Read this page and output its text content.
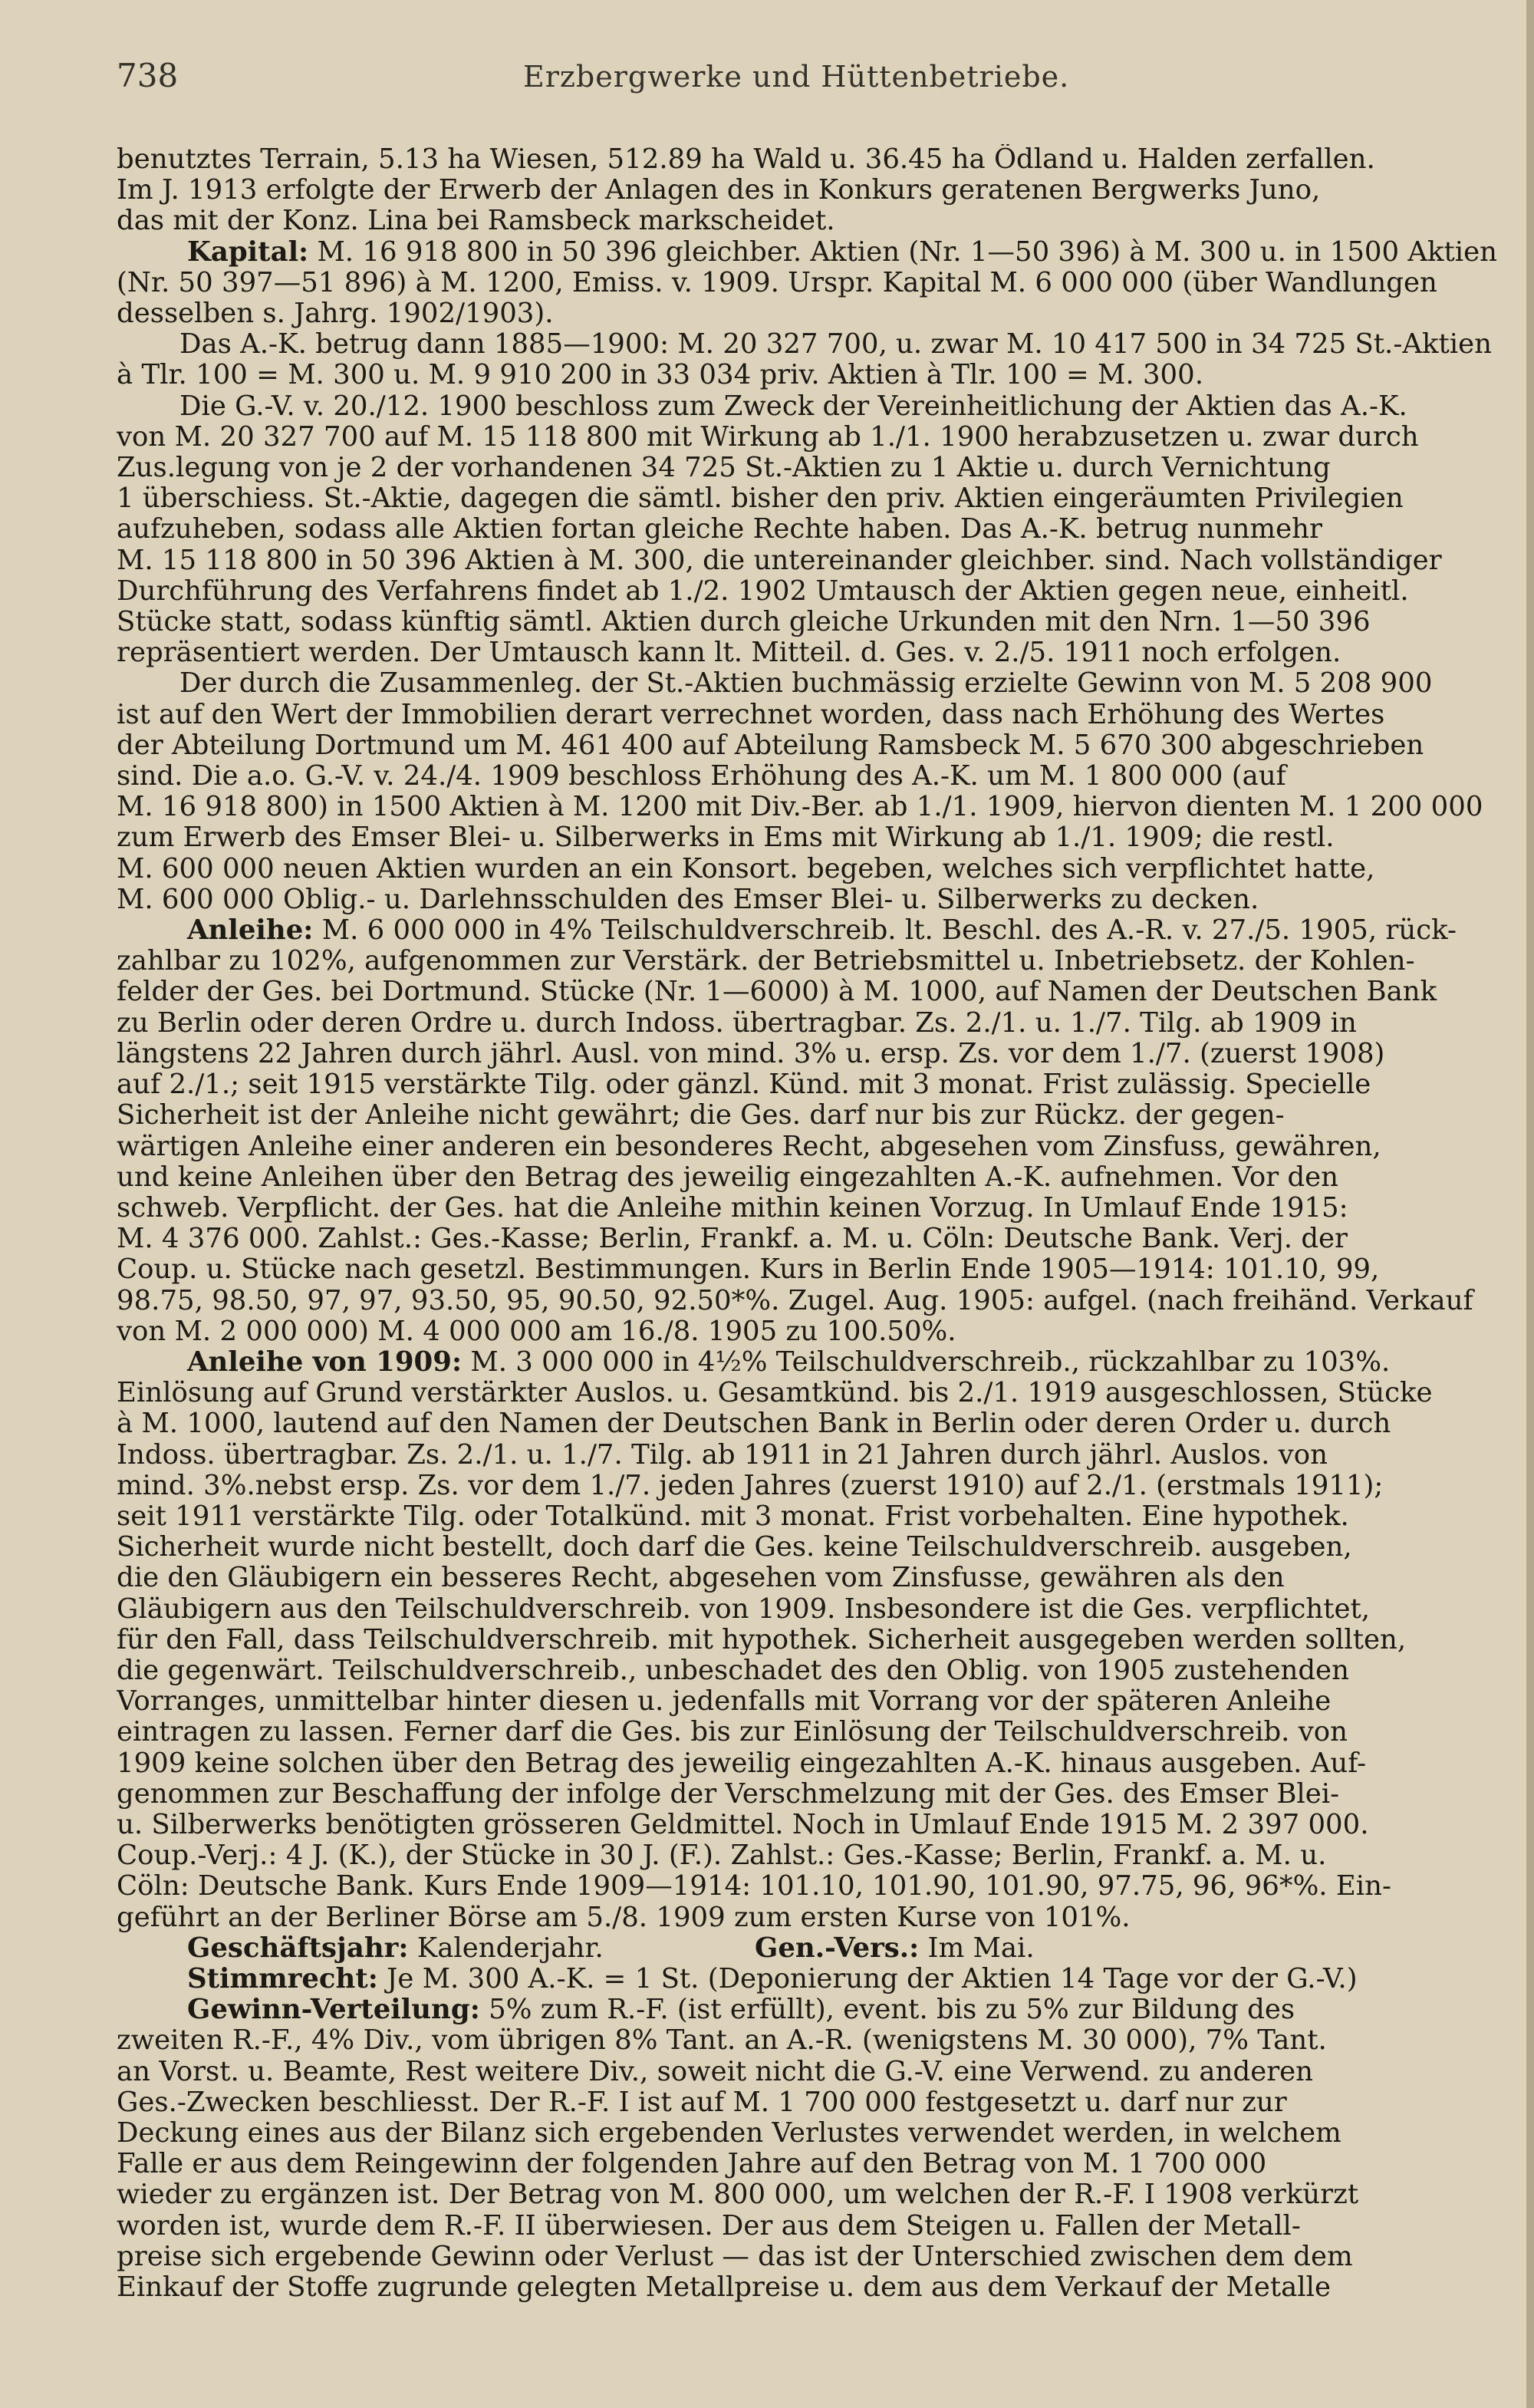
738	Erzbergwerke und Hüttenbetriebe.

benutztes Terrain, 5.13 ha Wiesen, 512.89 ha Wald u. 36.45 ha Ödland u. Halden zerfallen.
Im J. 1913 erfolgte der Erwerb der Anlagen des in Konkurs geratenen Bergwerks Juno,
das mit der Konz. Lina bei Ramsbeck markscheidet.

Kapital: M. 16 918 800 in 50 396 gleichber. Aktien (Nr. 1—50 396) à M. 300 u. in 1500 Aktien
(Nr. 50 397—51 896) à M. 1200, Emiss. v. 1909. Urspr. Kapital M. 6 000 000 (über Wandlungen
desselben s. Jahrg. 1902/1903).

Das A.-K. betrug dann 1885—1900: M. 20 327 700, u. zwar M. 10 417 500 in 34 725 St.-Aktien
à Tlr. 100 = M. 300 u. M. 9 910 200 in 33 034 priv. Aktien à Tlr. 100 = M. 300.

Die G.-V. v. 20./12. 1900 beschloss zum Zweck der Vereinheitlichung der Aktien das A.-K.
von M. 20 327 700 auf M. 15 118 800 mit Wirkung ab 1./1. 1900 herabzusetzen u. zwar durch
Zus.legung von je 2 der vorhandenen 34 725 St.-Aktien zu 1 Aktie u. durch Vernichtung
1 überschiess. St.-Aktie, dagegen die sämtl. bisher den priv. Aktien eingeräumten Privilegien
aufzuheben, sodass alle Aktien fortan gleiche Rechte haben. Das A.-K. betrug nunmehr
M. 15 118 800 in 50 396 Aktien à M. 300, die untereinander gleichber. sind. Nach vollständiger
Durchführung des Verfahrens findet ab 1./2. 1902 Umtausch der Aktien gegen neue, einheitl.
Stücke statt, sodass künftig sämtl. Aktien durch gleiche Urkunden mit den Nrn. 1—50 396
repräsentiert werden. Der Umtausch kann lt. Mitteil. d. Ges. v. 2./5. 1911 noch erfolgen.

Der durch die Zusammenleg. der St.-Aktien buchmässig erzielte Gewinn von M. 5 208 900
ist auf den Wert der Immobilien derart verrechnet worden, dass nach Erhöhung des Wertes
der Abteilung Dortmund um M. 461 400 auf Abteilung Ramsbeck M. 5 670 300 abgeschrieben
sind. Die a.o. G.-V. v. 24./4. 1909 beschloss Erhöhung des A.-K. um M. 1 800 000 (auf
M. 16 918 800) in 1500 Aktien à M. 1200 mit Div.-Ber. ab 1./1. 1909, hiervon dienten M. 1 200 000
zum Erwerb des Emser Blei- u. Silberwerks in Ems mit Wirkung ab 1./1. 1909; die restl.
M. 600 000 neuen Aktien wurden an ein Konsort. begeben, welches sich verpflichtet hatte,
M. 600 000 Oblig.- u. Darlehnsschulden des Emser Blei- u. Silberwerks zu decken.

Anleihe: M. 6 000 000 in 4% Teilschuldverschreib. lt. Beschl. des A.-R. v. 27./5. 1905, rück-
zahlbar zu 102%, aufgenommen zur Verstärk. der Betriebsmittel u. Inbetriebsetz. der Kohlen-
felder der Ges. bei Dortmund. Stücke (Nr. 1—6000) à M. 1000, auf Namen der Deutschen Bank
zu Berlin oder deren Ordre u. durch Indoss. übertragbar. Zs. 2./1. u. 1./7. Tilg. ab 1909 in
längstens 22 Jahren durch jährl. Ausl. von mind. 3% u. ersp. Zs. vor dem 1./7. (zuerst 1908)
auf 2./1.; seit 1915 verstärkte Tilg. oder gänzl. Künd. mit 3 monat. Frist zulässig. Specielle
Sicherheit ist der Anleihe nicht gewährt; die Ges. darf nur bis zur Rückz. der gegen-
wärtigen Anleihe einer anderen ein besonderes Recht, abgesehen vom Zinsfuss, gewähren,
und keine Anleihen über den Betrag des jeweilig eingezahlten A.-K. aufnehmen. Vor den
schweb. Verpflicht. der Ges. hat die Anleihe mithin keinen Vorzug. In Umlauf Ende 1915:
M. 4 376 000. Zahlst.: Ges.-Kasse; Berlin, Frankf. a. M. u. Cöln: Deutsche Bank. Verj. der
Coup. u. Stücke nach gesetzl. Bestimmungen. Kurs in Berlin Ende 1905—1914: 101.10, 99,
98.75, 98.50, 97, 97, 93.50, 95, 90.50, 92.50*%. Zugel. Aug. 1905: aufgel. (nach freihänd. Verkauf
von M. 2 000 000) M. 4 000 000 am 16./8. 1905 zu 100.50%.

Anleihe von 1909: M. 3 000 000 in 4½% Teilschuldverschreib., rückzahlbar zu 103%.
Einlösung auf Grund verstärkter Auslos. u. Gesamtkünd. bis 2./1. 1919 ausgeschlossen, Stücke
à M. 1000, lautend auf den Namen der Deutschen Bank in Berlin oder deren Order u. durch
Indoss. übertragbar. Zs. 2./1. u. 1./7. Tilg. ab 1911 in 21 Jahren durch jährl. Auslos. von
mind. 3%.nebst ersp. Zs. vor dem 1./7. jeden Jahres (zuerst 1910) auf 2./1. (erstmals 1911);
seit 1911 verstärkte Tilg. oder Totalkünd. mit 3 monat. Frist vorbehalten. Eine hypothek.
Sicherheit wurde nicht bestellt, doch darf die Ges. keine Teilschuldverschreib. ausgeben,
die den Gläubigern ein besseres Recht, abgesehen vom Zinsfusse, gewähren als den
Gläubigern aus den Teilschuldverschreib. von 1909. Insbesondere ist die Ges. verpflichtet,
für den Fall, dass Teilschuldverschreib. mit hypothek. Sicherheit ausgegeben werden sollten,
die gegenwärt. Teilschuldverschreib., unbeschadet des den Oblig. von 1905 zustehenden
Vorranges, unmittelbar hinter diesen u. jedenfalls mit Vorrang vor der späteren Anleihe
eintragen zu lassen. Ferner darf die Ges. bis zur Einlösung der Teilschuldverschreib. von
1909 keine solchen über den Betrag des jeweilig eingezahlten A.-K. hinaus ausgeben. Auf-
genommen zur Beschaffung der infolge der Verschmelzung mit der Ges. des Emser Blei-
u. Silberwerks benötigten grösseren Geldmittel. Noch in Umlauf Ende 1915 M. 2 397 000.
Coup.-Verj.: 4 J. (K.), der Stücke in 30 J. (F.). Zahlst.: Ges.-Kasse; Berlin, Frankf. a. M. u.
Cöln: Deutsche Bank. Kurs Ende 1909—1914: 101.10, 101.90, 101.90, 97.75, 96, 96*%. Ein-
geführt an der Berliner Börse am 5./8. 1909 zum ersten Kurse von 101%.

Geschäftsjahr: Kalenderjahr.	Gen.-Vers.: Im Mai.

Stimmrecht: Je M. 300 A.-K. = 1 St. (Deponierung der Aktien 14 Tage vor der G.-V.)

Gewinn-Verteilung: 5% zum R.-F. (ist erfüllt), event. bis zu 5% zur Bildung des
zweiten R.-F., 4% Div., vom übrigen 8% Tant. an A.-R. (wenigstens M. 30 000), 7% Tant.
an Vorst. u. Beamte, Rest weitere Div., soweit nicht die G.-V. eine Verwend. zu anderen
Ges.-Zwecken beschliesst. Der R.-F. I ist auf M. 1 700 000 festgesetzt u. darf nur zur
Deckung eines aus der Bilanz sich ergebenden Verlustes verwendet werden, in welchem
Falle er aus dem Reingewinn der folgenden Jahre auf den Betrag von M. 1 700 000
wieder zu ergänzen ist. Der Betrag von M. 800 000, um welchen der R.-F. I 1908 verkürzt
worden ist, wurde dem R.-F. II überwiesen. Der aus dem Steigen u. Fallen der Metall-
preise sich ergebende Gewinn oder Verlust — das ist der Unterschied zwischen dem dem
Einkauf der Stoffe zugrunde gelegten Metallpreise u. dem aus dem Verkauf der Metalle
